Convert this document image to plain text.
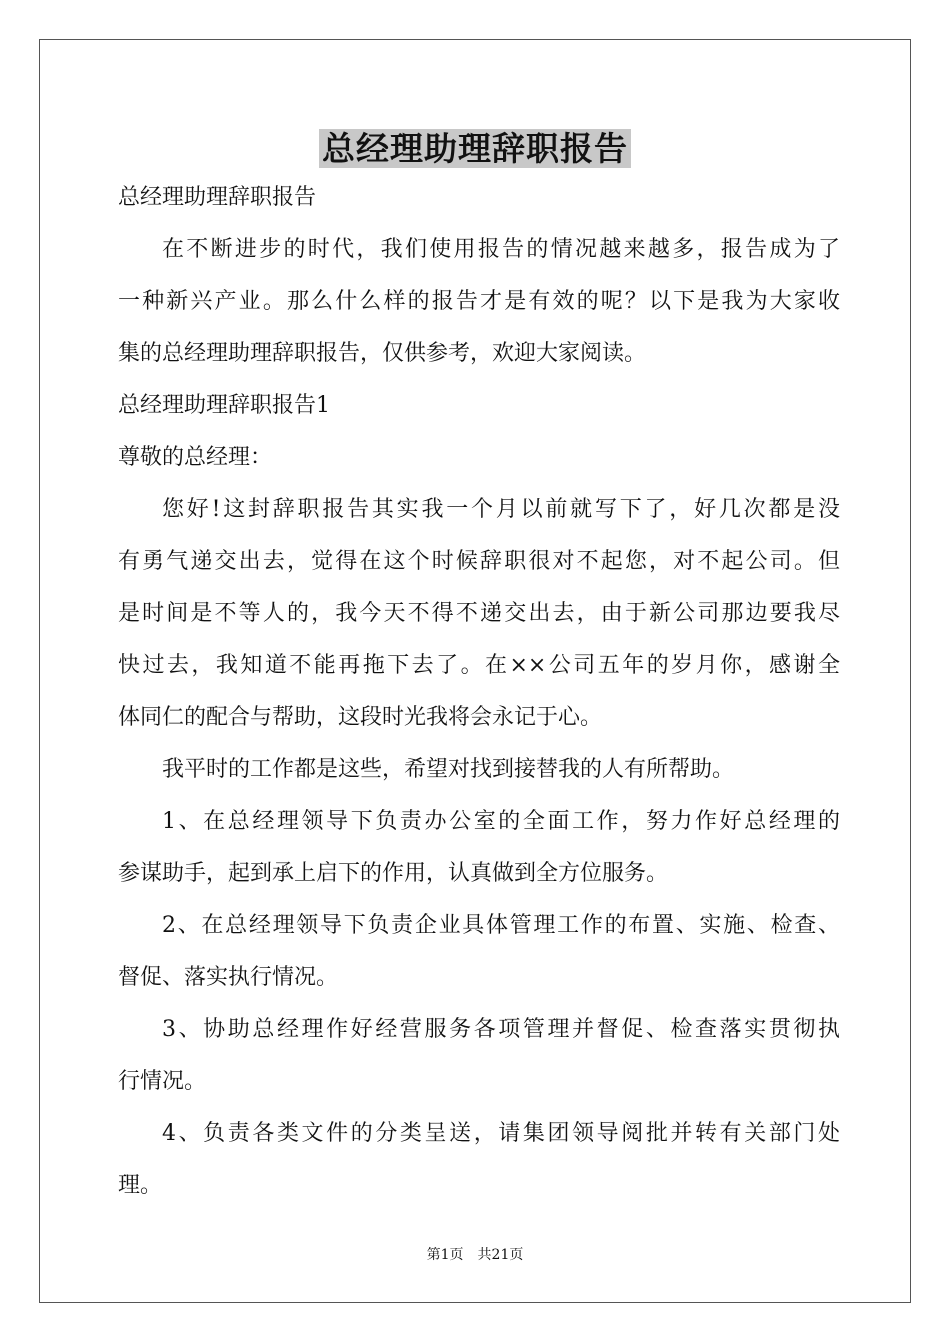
总经理助理辞职报告
总经理助理辞职报告
在不断进步的时代，我们使用报告的情况越来越多，报告成为了
一种新兴产业。那么什么样的报告才是有效的呢？以下是我为大家收
集的总经理助理辞职报告，仅供参考，欢迎大家阅读。
总经理助理辞职报告1
尊敬的总经理：
您好!这封辞职报告其实我一个月以前就写下了，好几次都是没
有勇气递交出去，觉得在这个时候辞职很对不起您，对不起公司。但
是时间是不等人的，我今天不得不递交出去，由于新公司那边要我尽
快过去，我知道不能再拖下去了。在××公司五年的岁月你，感谢全
体同仁的配合与帮助，这段时光我将会永记于心。
我平时的工作都是这些，希望对找到接替我的人有所帮助。
1、在总经理领导下负责办公室的全面工作，努力作好总经理的
参谋助手，起到承上启下的作用，认真做到全方位服务。
2、在总经理领导下负责企业具体管理工作的布置、实施、检查、
督促、落实执行情况。
3、协助总经理作好经营服务各项管理并督促、检查落实贯彻执
行情况。
4、负责各类文件的分类呈送，请集团领导阅批并转有关部门处
理。
第1页　共21页
